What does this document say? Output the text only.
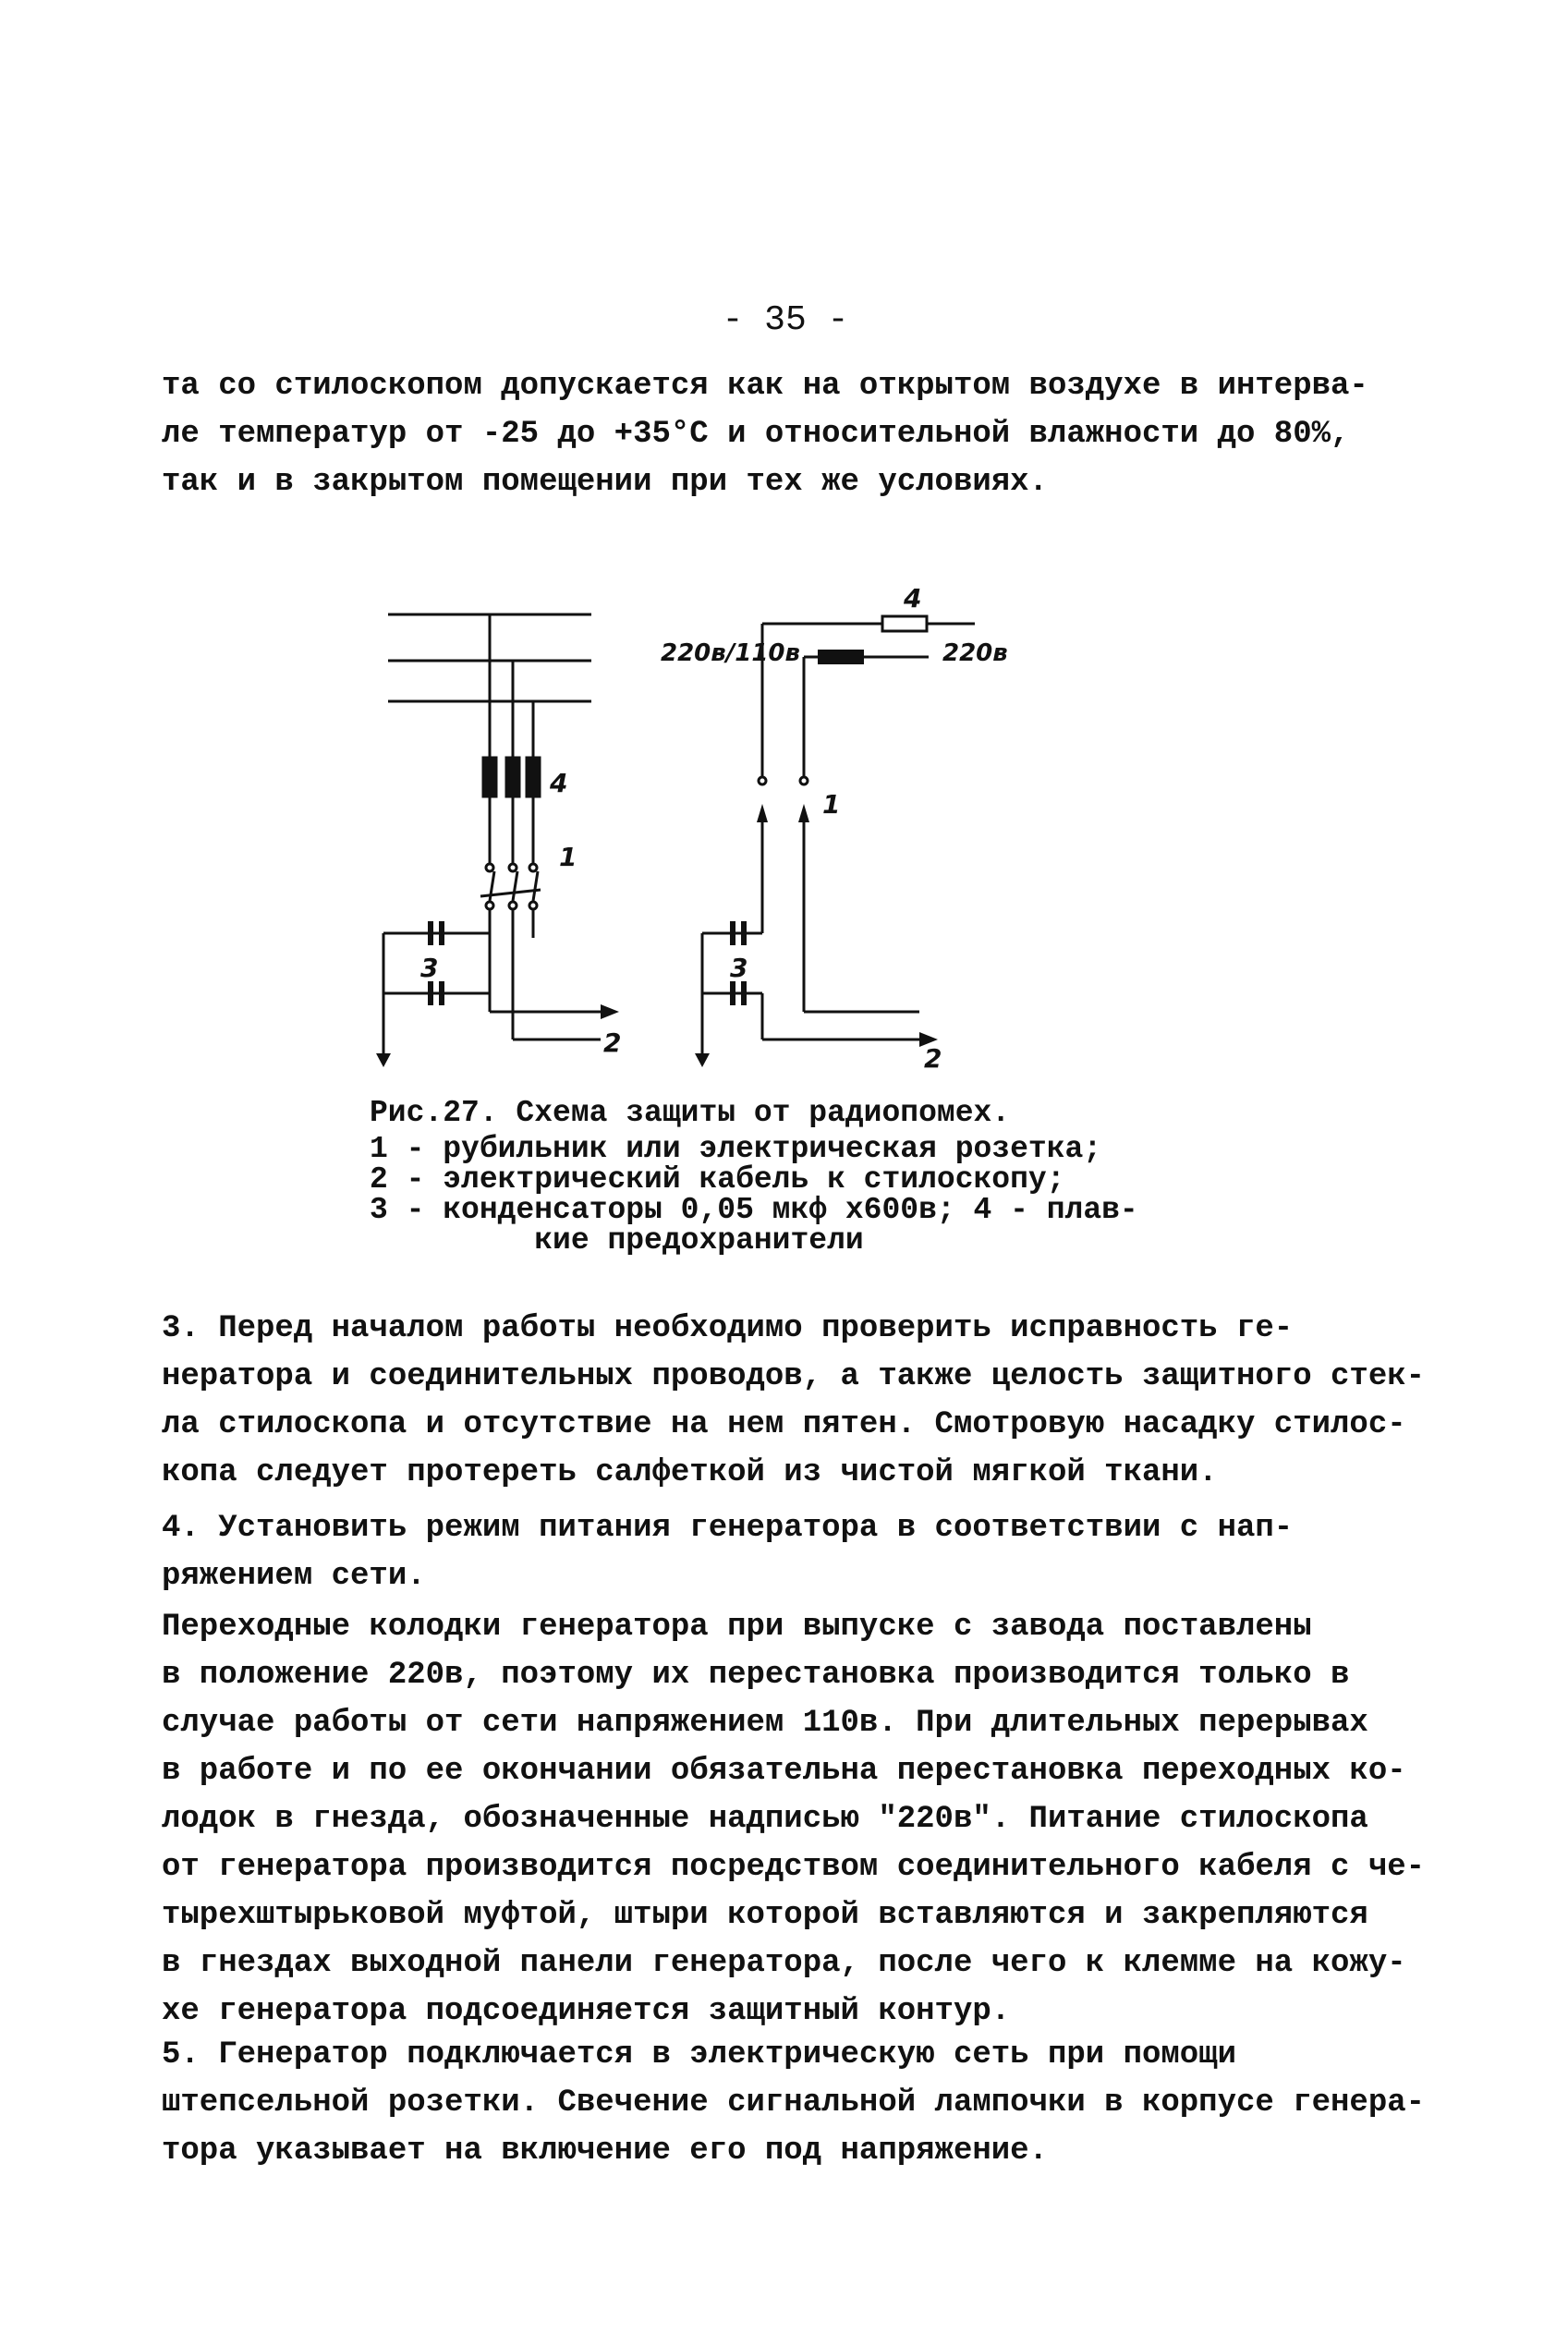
- 35 -

та со стилоскопом допускается как на открытом воздухе в интерва-
ле температур от -25 до +35°С и относительной влажности до 80%,
так и в закрытом помещении при тех же условиях.

220в/110в	220в
1
4
3
2
4
1
3
2
Рис.27. Схема защиты от радиопомех.
1 - рубильник или электрическая розетка;
2 - электрический кабель к стилоскопу;
3 - конденсаторы 0,05 мкф х600в; 4 - плав-
кие предохранители

3. Перед началом работы необходимо проверить исправность ге-
нератора и соединительных проводов, а также целость защитного стек-
ла стилоскопа и отсутствие на нем пятен. Смотровую насадку стилос-
копа следует протереть салфеткой из чистой мягкой ткани.

4. Установить режим питания генератора в соответствии с нап-
ряжением сети.

Переходные колодки генератора при выпуске с завода поставлены
в положение 220в, поэтому их перестановка производится только в
случае работы от сети напряжением 110в. При длительных перерывах
в работе и по ее окончании обязательна перестановка переходных ко-
лодок в гнезда, обозначенные надписью "220в". Питание стилоскопа
от генератора производится посредством соединительного кабеля с че-
тырехштырьковой муфтой, штыри которой вставляются и закрепляются
в гнездах выходной панели генератора, после чего к клемме на кожу-
хе генератора подсоединяется защитный контур.

5. Генератор подключается в электрическую сеть при помощи
штепсельной розетки. Свечение сигнальной лампочки в корпусе генера-
тора указывает на включение его под напряжение.
